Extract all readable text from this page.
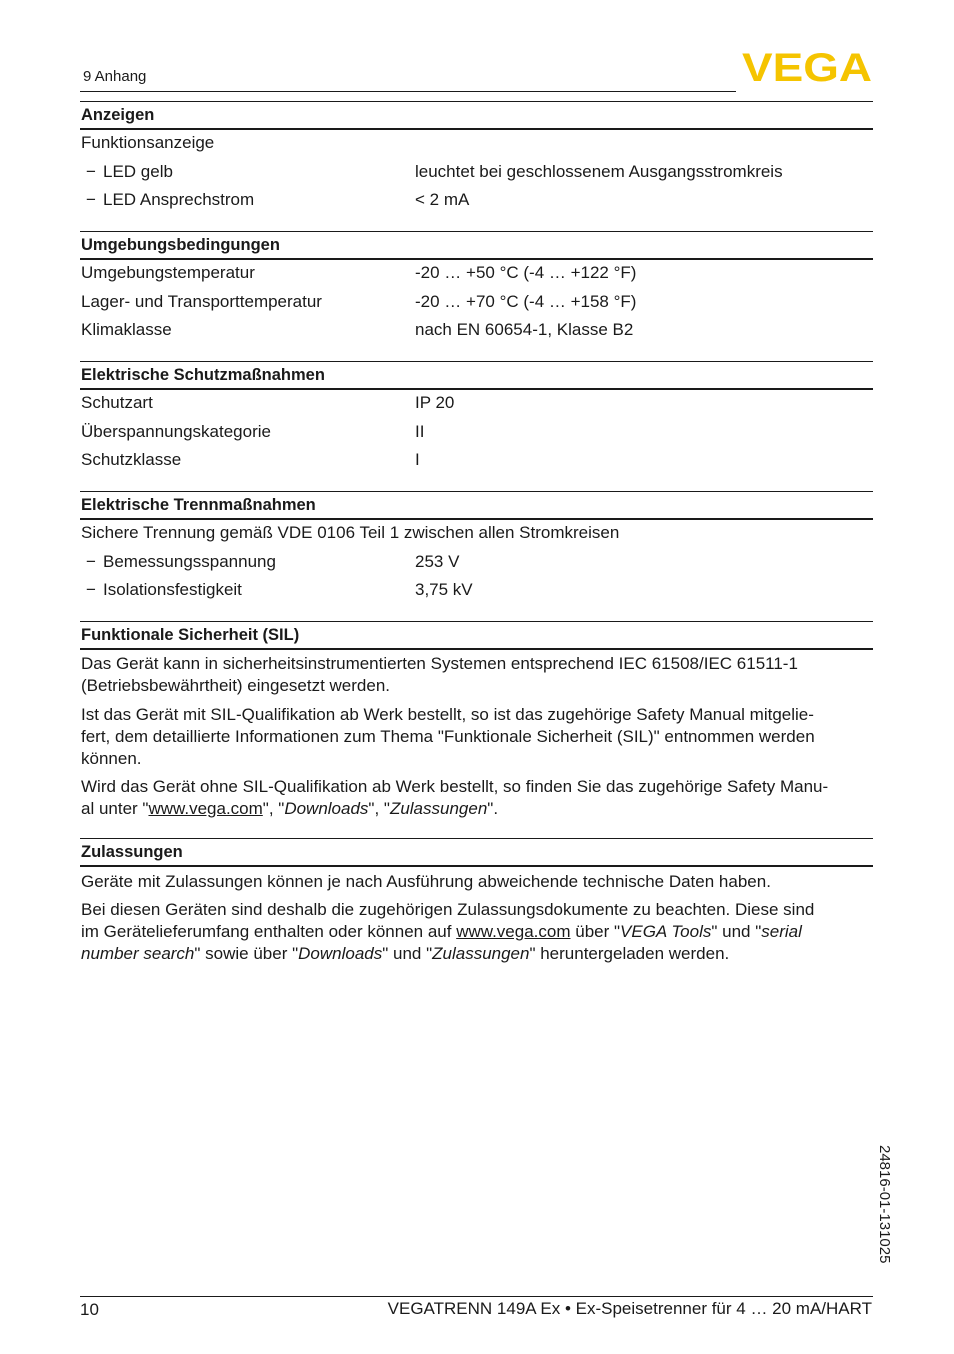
9 Anhang	VEGA
Anzeigen
Funktionsanzeige
− LED gelb	leuchtet bei geschlossenem Ausgangsstromkreis
− LED Ansprechstrom	< 2 mA
Umgebungsbedingungen
Umgebungstemperatur	-20 … +50 °C (-4 … +122 °F)
Lager- und Transporttemperatur	-20 … +70 °C (-4 … +158 °F)
Klimaklasse	nach EN 60654-1, Klasse B2
Elektrische Schutzmaßnahmen
Schutzart	IP 20
Überspannungskategorie	II
Schutzklasse	I
Elektrische Trennmaßnahmen
Sichere Trennung gemäß VDE 0106 Teil 1 zwischen allen Stromkreisen
− Bemessungsspannung	253 V
− Isolationsfestigkeit	3,75 kV
Funktionale Sicherheit (SIL)
Das Gerät kann in sicherheitsinstrumentierten Systemen entsprechend IEC 61508/IEC 61511-1
(Betriebsbewährtheit) eingesetzt werden.
Ist das Gerät mit SIL-Qualifikation ab Werk bestellt, so ist das zugehörige Safety Manual mitgelie-
fert, dem detaillierte Informationen zum Thema "Funktionale Sicherheit (SIL)" entnommen werden
können.
Wird das Gerät ohne SIL-Qualifikation ab Werk bestellt, so finden Sie das zugehörige Safety Manu-
al unter "www.vega.com", "Downloads", "Zulassungen".
Zulassungen
Geräte mit Zulassungen können je nach Ausführung abweichende technische Daten haben.
Bei diesen Geräten sind deshalb die zugehörigen Zulassungsdokumente zu beachten. Diese sind
im Gerätelieferumfang enthalten oder können auf www.vega.com über "VEGA Tools" und "serial
number search" sowie über "Downloads" und "Zulassungen" heruntergeladen werden.
24816-01-131025
10	VEGATRENN 149A Ex • Ex-Speisetrenner für 4 … 20 mA/HART
